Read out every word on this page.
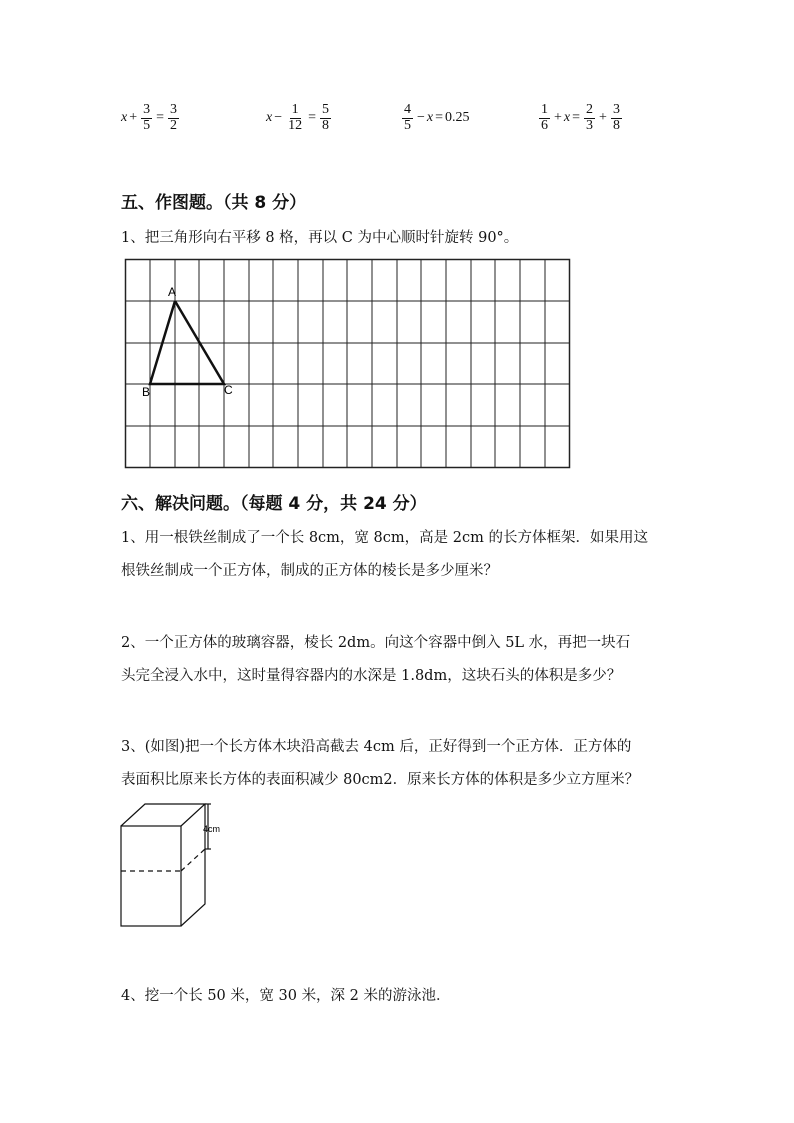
$x + \frac{3}{5} = \frac{3}{2}$	$x - \frac{1}{12} = \frac{5}{8}$	$\frac{4}{5} - x = 0.25$	$\frac{1}{6} + x = \frac{2}{3} + \frac{3}{8}$
五、作图题。（共 8 分）
1、把三角形向右平移 8 格，再以 C 为中心顺时针旋转 90°。
A
B	C
六、解决问题。（每题 4 分，共 24 分）
1、用一根铁丝制成了一个长 8cm，宽 8cm，高是 2cm 的长方体框架．如果用这
根铁丝制成一个正方体，制成的正方体的棱长是多少厘米？
2、一个正方体的玻璃容器，棱长 2dm。向这个容器中倒入 5L 水，再把一块石
头完全浸入水中，这时量得容器内的水深是 1.8dm，这块石头的体积是多少？
3、(如图)把一个长方体木块沿高截去 4cm 后，正好得到一个正方体．正方体的
表面积比原来长方体的表面积减少 80cm2．原来长方体的体积是多少立方厘米？
4cm
4、挖一个长 50 米，宽 30 米，深 2 米的游泳池．
